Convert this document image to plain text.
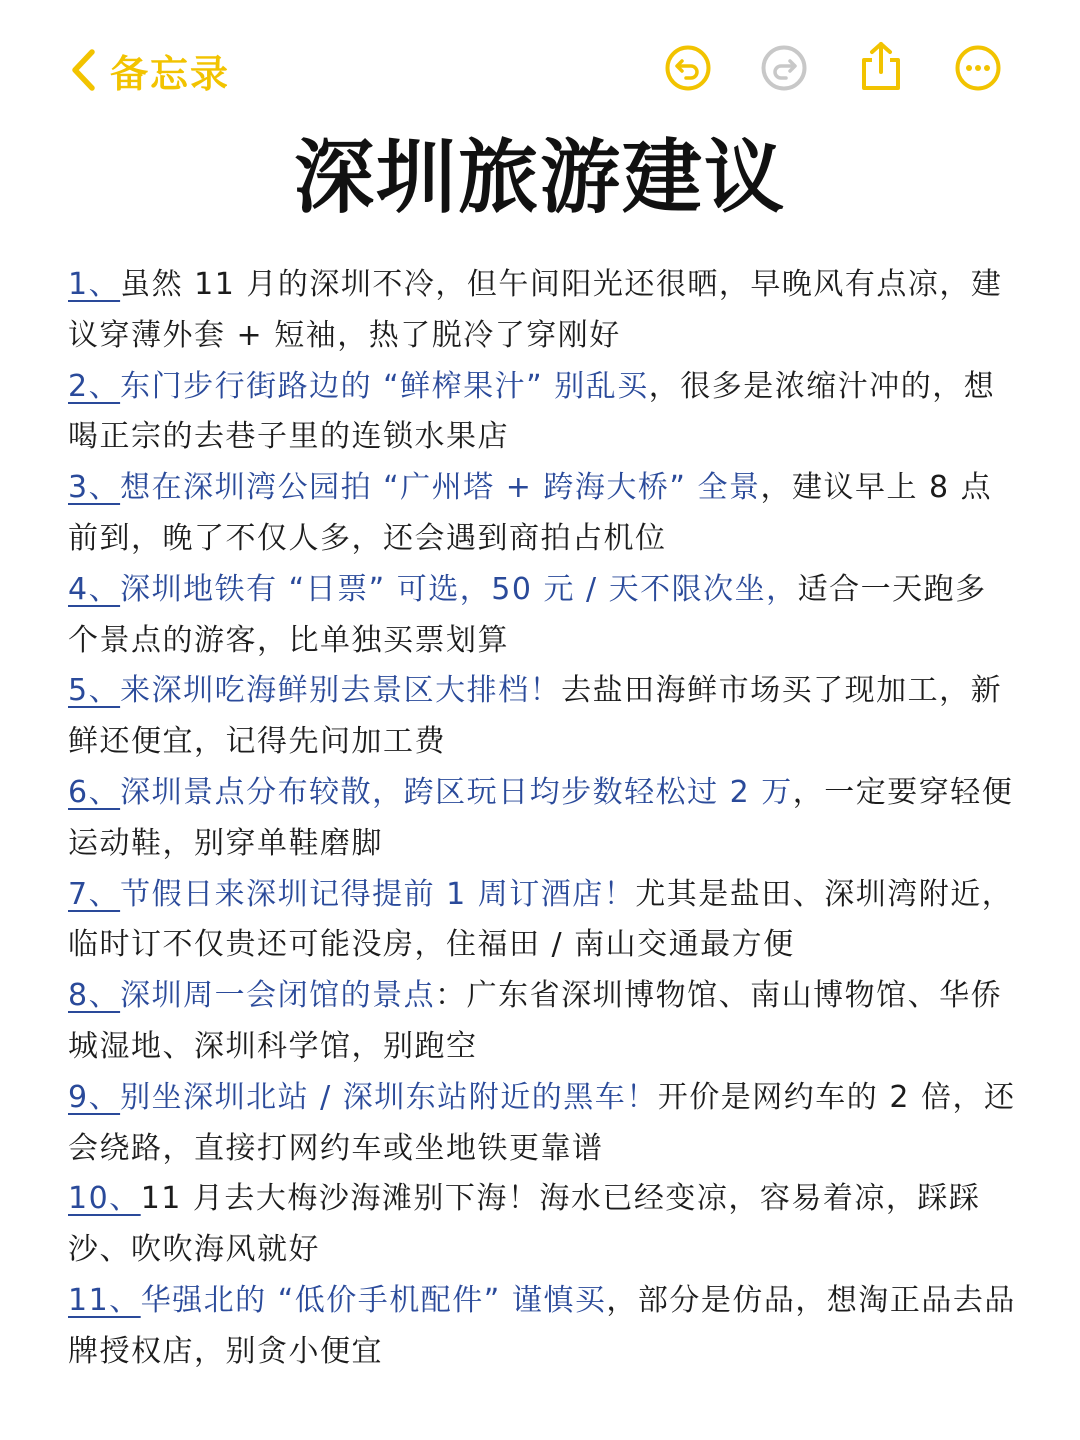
备忘录
深圳旅游建议
1、虽然 11 月的深圳不冷，但午间阳光还很晒，早晚风有点凉，建议穿薄外套 + 短袖，热了脱冷了穿刚好
2、东门步行街路边的 “鲜榨果汁” 别乱买，很多是浓缩汁冲的，想喝正宗的去巷子里的连锁水果店
3、想在深圳湾公园拍 “广州塔 + 跨海大桥” 全景，建议早上 8 点前到，晚了不仅人多，还会遇到商拍占机位
4、深圳地铁有 “日票” 可选，50 元 / 天不限次坐，适合一天跑多个景点的游客，比单独买票划算
5、来深圳吃海鲜别去景区大排档！去盐田海鲜市场买了现加工，新鲜还便宜，记得先问加工费
6、深圳景点分布较散，跨区玩日均步数轻松过 2 万，一定要穿轻便运动鞋，别穿单鞋磨脚
7、节假日来深圳记得提前 1 周订酒店！尤其是盐田、深圳湾附近，临时订不仅贵还可能没房，住福田 / 南山交通最方便
8、深圳周一会闭馆的景点：广东省深圳博物馆、南山博物馆、华侨城湿地、深圳科学馆，别跑空
9、别坐深圳北站 / 深圳东站附近的黑车！开价是网约车的 2 倍，还会绕路，直接打网约车或坐地铁更靠谱
10、11 月去大梅沙海滩别下海！海水已经变凉，容易着凉，踩踩沙、吹吹海风就好
11、华强北的 “低价手机配件” 谨慎买，部分是仿品，想淘正品去品牌授权店，别贪小便宜
